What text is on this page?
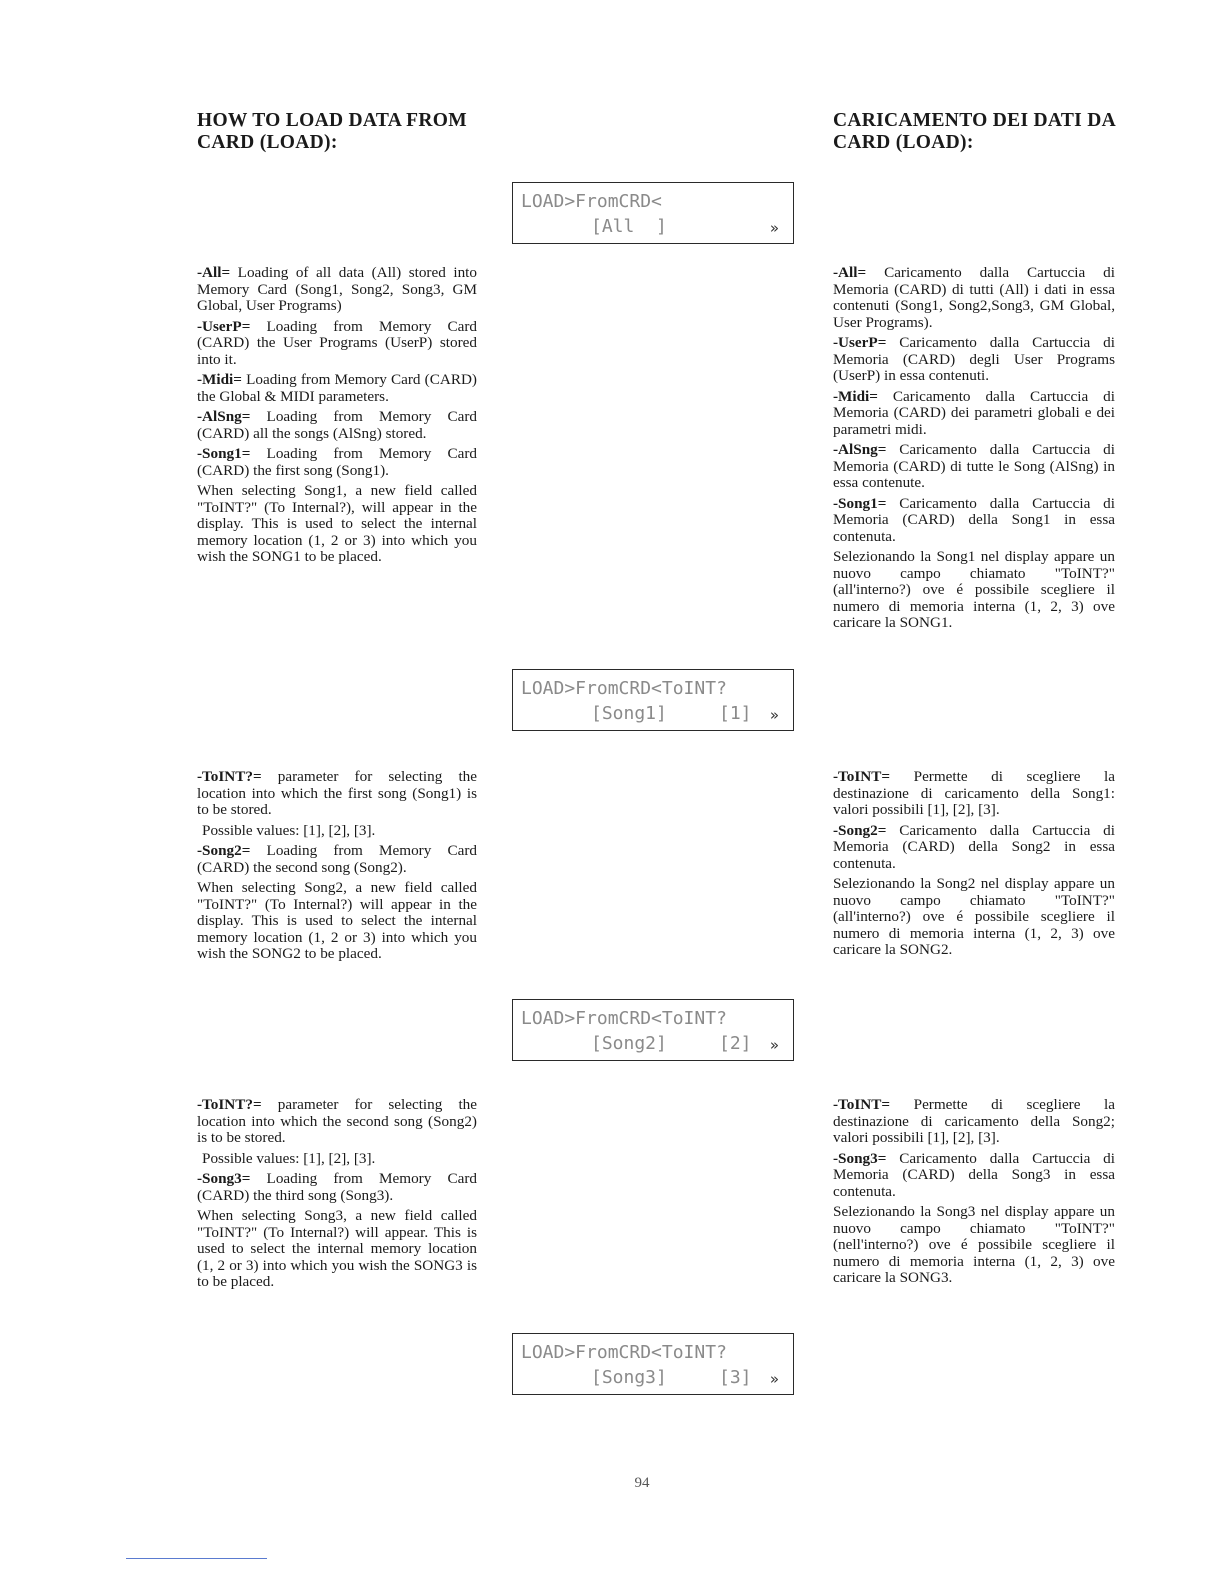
HOW TO LOAD DATA FROM
CARD (LOAD):
CARICAMENTO DEI DATI DA
CARD (LOAD):
LOAD>FromCRD<
[All  ]	»
LOAD>FromCRD<ToINT?
[Song1]	[1] »
LOAD>FromCRD<ToINT?
[Song2]	[2] »
LOAD>FromCRD<ToINT?
[Song3]	[3] »

-All= Loading of all data (All) stored into Memory Card (Song1, Song2, Song3, GM Global, User Programs)

-UserP= Loading from Memory Card (CARD) the User Programs (UserP) stored into it.

-Midi= Loading from Memory Card (CARD) the Global & MIDI parameters.

-AlSng= Loading from Memory Card (CARD) all the songs (AlSng) stored.

-Song1= Loading from Memory Card (CARD) the first song (Song1).

When selecting Song1, a new field called "ToINT?" (To Internal?), will appear in the display. This is used to select the internal memory location (1, 2 or 3) into which you wish the SONG1 to be placed.

-ToINT?= parameter for selecting the location into which the first song (Song1) is to be stored.

Possible values: [1], [2], [3].

-Song2= Loading from Memory Card (CARD) the second song (Song2).

When selecting Song2, a new field called "ToINT?" (To Internal?) will appear in the display. This is used to select the internal memory location (1, 2 or 3) into which you wish the SONG2 to be placed.

-ToINT?= parameter for selecting the location into which the second song (Song2) is to be stored.

Possible values: [1], [2], [3].

-Song3= Loading from Memory Card (CARD) the third song (Song3).

When selecting Song3, a new field called "ToINT?" (To Internal?) will appear. This is used to select the internal memory location (1, 2 or 3) into which you wish the SONG3 is to be placed.

-All= Caricamento dalla Cartuccia di Memoria (CARD) di tutti (All) i dati in essa contenuti (Song1, Song2,Song3, GM Global, User Programs).

-UserP= Caricamento dalla Cartuccia di Memoria (CARD) degli User Programs (UserP) in essa contenuti.

-Midi= Caricamento dalla Cartuccia di Memoria (CARD) dei parametri globali e dei parametri midi.

-AlSng= Caricamento dalla Cartuccia di Memoria (CARD) di tutte le Song (AlSng) in essa contenute.

-Song1= Caricamento dalla Cartuccia di Memoria (CARD) della Song1 in essa contenuta.

Selezionando la Song1 nel display appare un nuovo campo chiamato "ToINT?" (all'interno?) ove é possibile scegliere il numero di memoria interna (1, 2, 3) ove caricare la SONG1.

-ToINT= Permette di scegliere la destinazione di caricamento della Song1: valori possibili [1], [2], [3].

-Song2= Caricamento dalla Cartuccia di Memoria (CARD) della Song2 in essa contenuta.

Selezionando la Song2 nel display appare un nuovo campo chiamato "ToINT?" (all'interno?) ove é possibile scegliere il numero di memoria interna (1, 2, 3) ove caricare la SONG2.

-ToINT= Permette di scegliere la destinazione di caricamento della Song2; valori possibili [1], [2], [3].

-Song3= Caricamento dalla Cartuccia di Memoria (CARD) della Song3 in essa contenuta.

Selezionando la Song3 nel display appare un nuovo campo chiamato "ToINT?" (nell'interno?) ove é possibile scegliere il numero di memoria interna (1, 2, 3) ove caricare la SONG3.

94
